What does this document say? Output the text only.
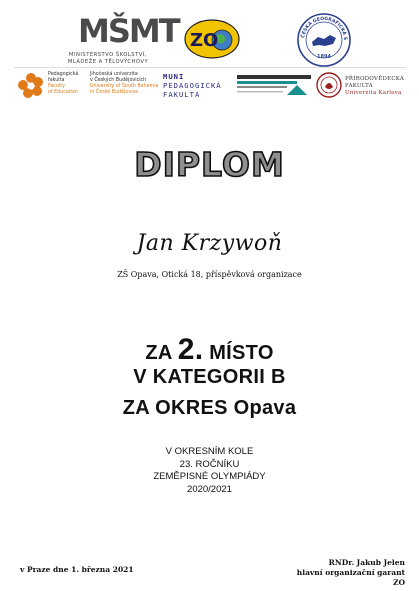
MŠMT
MINISTERSTVO ŠKOLSTVÍ,
MLÁDEŽE A TĚLOVÝCHOVY
ZO	ČESKÁ GEOGRAFICKÁ S
1894
Pedagogická
fakulta
Faculty
of Education
Jihočeská univerzita
v Českých Budějovicích
University of South Bohemia
in České Budějovice
MUNI
PEDAGOGICKÁ
FAKULTA
PŘÍRODOVĚDECKÁ
FAKULTA
Univerzita Karlova
DIPLOM
Jan Krzywoň
ZŠ Opava, Otická 18, příspěvková organizace
ZA 2. MÍSTO
V KATEGORII B
ZA OKRES Opava
V OKRESNÍM KOLE
23. ROČNÍKU
ZEMĚPISNÉ OLYMPIÁDY
2020/2021
v Praze dne 1. března 2021
RNDr. Jakub Jelen
hlavní organizační garant ZO
